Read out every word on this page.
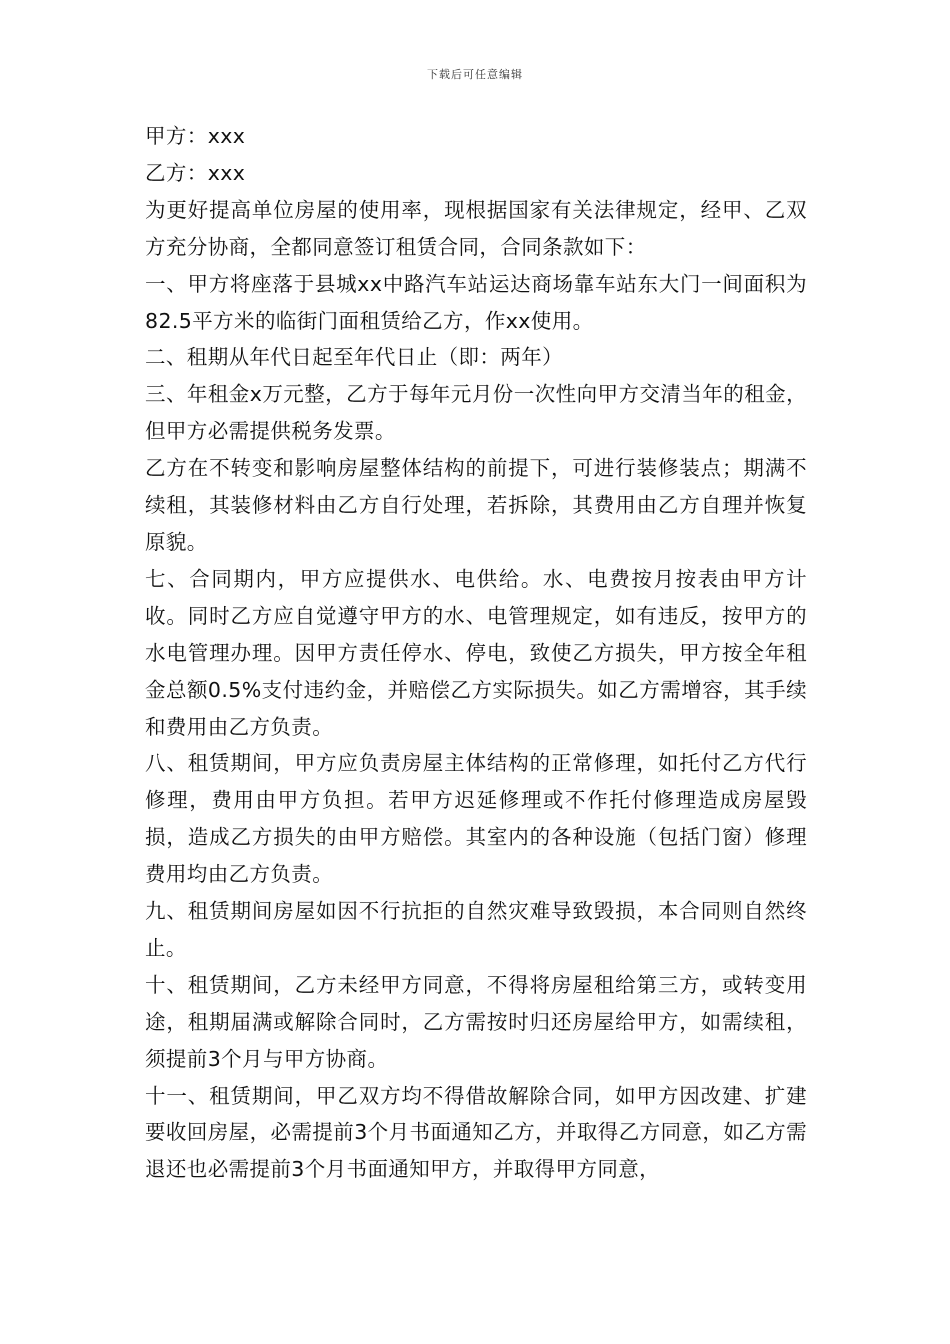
下载后可任意编辑

甲方：xxx

乙方：xxx

为更好提高单位房屋的使用率，现根据国家有关法律规定，经甲、乙双方充分协商，全都同意签订租赁合同，合同条款如下：

一、甲方将座落于县城xx中路汽车站运达商场靠车站东大门一间面积为82.5平方米的临街门面租赁给乙方，作xx使用。

二、租期从年代日起至年代日止（即：两年）

三、年租金x万元整，乙方于每年元月份一次性向甲方交清当年的租金，但甲方必需提供税务发票。

乙方在不转变和影响房屋整体结构的前提下，可进行装修装点；期满不续租，其装修材料由乙方自行处理，若拆除，其费用由乙方自理并恢复原貌。

七、合同期内，甲方应提供水、电供给。水、电费按月按表由甲方计收。同时乙方应自觉遵守甲方的水、电管理规定，如有违反，按甲方的水电管理办理。因甲方责任停水、停电，致使乙方损失，甲方按全年租金总额0.5%支付违约金，并赔偿乙方实际损失。如乙方需增容，其手续和费用由乙方负责。

八、租赁期间，甲方应负责房屋主体结构的正常修理，如托付乙方代行修理，费用由甲方负担。若甲方迟延修理或不作托付修理造成房屋毁损，造成乙方损失的由甲方赔偿。其室内的各种设施（包括门窗）修理费用均由乙方负责。

九、租赁期间房屋如因不行抗拒的自然灾难导致毁损，本合同则自然终止。

十、租赁期间，乙方未经甲方同意，不得将房屋租给第三方，或转变用途，租期届满或解除合同时，乙方需按时归还房屋给甲方，如需续租，须提前3个月与甲方协商。

十一、租赁期间，甲乙双方均不得借故解除合同，如甲方因改建、扩建要收回房屋，必需提前3个月书面通知乙方，并取得乙方同意，如乙方需退还也必需提前3个月书面通知甲方，并取得甲方同意，
